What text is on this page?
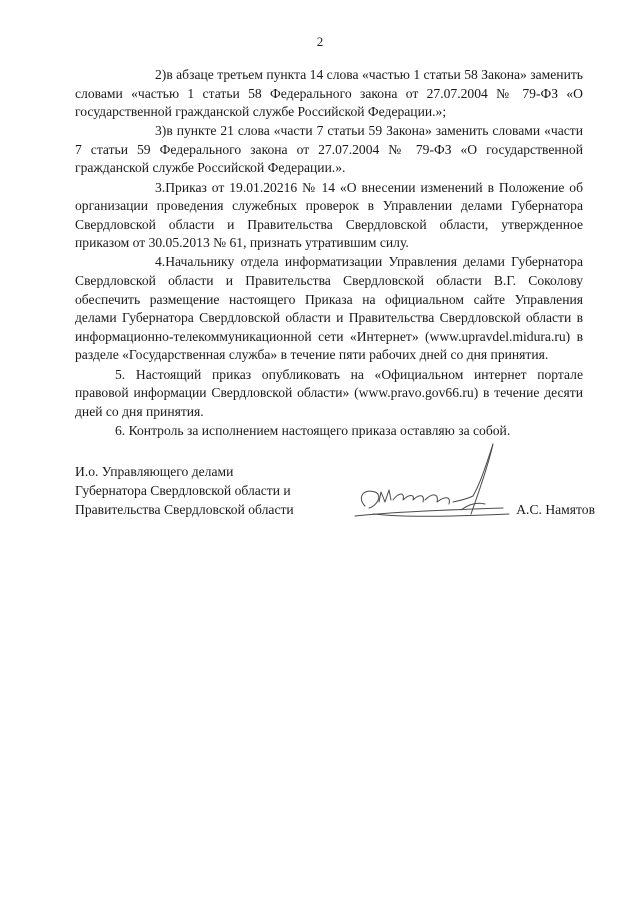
2

2)в абзаце третьем пункта 14 слова «частью 1 статьи 58 Закона» заменить словами «частью 1 статьи 58 Федерального закона от 27.07.2004 № 79-ФЗ «О государственной гражданской службе Российской Федерации.»;

3)в пункте 21 слова «части 7 статьи 59 Закона» заменить словами «части 7 статьи 59 Федерального закона от 27.07.2004 № 79-ФЗ «О государственной гражданской службе Российской Федерации.».

3.Приказ от 19.01.20216 № 14 «О внесении изменений в Положение об организации проведения служебных проверок в Управлении делами Губернатора Свердловской области и Правительства Свердловской области, утвержденное приказом от 30.05.2013 № 61, признать утратившим силу.

4.Начальнику отдела информатизации Управления делами Губернатора Свердловской области и Правительства Свердловской области В.Г. Соколову обеспечить размещение настоящего Приказа на официальном сайте Управления делами Губернатора Свердловской области и Правительства Свердловской области в информационно-телекоммуникационной сети «Интернет» (www.upravdel.midura.ru) в разделе «Государственная служба» в течение пяти рабочих дней со дня принятия.

5. Настоящий приказ опубликовать на «Официальном интернет портале правовой информации Свердловской области» (www.pravo.gov66.ru) в течение десяти дней со дня принятия.

6. Контроль за исполнением настоящего приказа оставляю за собой.

И.о. Управляющего делами
Губернатора Свердловской области и
Правительства Свердловской области	А.С. Намятов
